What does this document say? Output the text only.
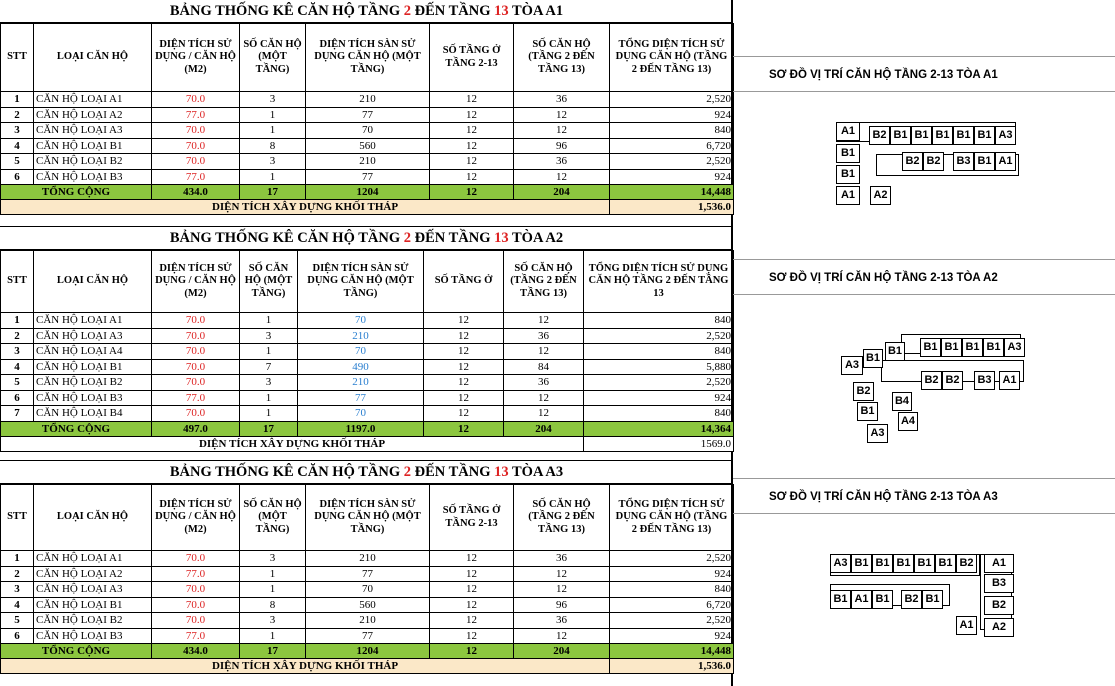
BẢNG THỐNG KÊ CĂN HỘ TẦNG 2 ĐẾN TẦNG 13 TÒA A1
STT	LOẠI CĂN HỘ	DIỆN TÍCH SỬ DỤNG / CĂN HỘ (M2)	SỐ CĂN HỘ (MỘT TẦNG)	DIỆN TÍCH SÀN SỬ DỤNG CĂN HỘ (MỘT TẦNG)	SỐ TẦNG Ở TẦNG 2-13	SỐ CĂN HỘ (TẦNG 2 ĐẾN TẦNG 13)	TỔNG DIỆN TÍCH SỬ DỤNG CĂN HỘ (TẦNG 2 ĐẾN TẦNG 13)
1	CĂN HỘ LOẠI A1	70.0	3	210	12	36	2,520
2	CĂN HỘ LOẠI A2	77.0	1	77	12	12	924
3	CĂN HỘ LOẠI A3	70.0	1	70	12	12	840
4	CĂN HỘ LOẠI B1	70.0	8	560	12	96	6,720
5	CĂN HỘ LOẠI B2	70.0	3	210	12	36	2,520
6	CĂN HỘ LOẠI B3	77.0	1	77	12	12	924
TỔNG CỘNG		434.0	17	1204	12	204	14,448
DIỆN TÍCH XÂY DỰNG KHỐI THÁP							1,536.0
BẢNG THỐNG KÊ CĂN HỘ TẦNG 2 ĐẾN TẦNG 13 TÒA A2
STT	LOẠI CĂN HỘ	DIỆN TÍCH SỬ DỤNG / CĂN HỘ (M2)	SỐ CĂN HỘ (MỘT TẦNG)	DIỆN TÍCH SÀN SỬ DỤNG CĂN HỘ (MỘT TẦNG)	SỐ TẦNG Ở	SỐ CĂN HỘ (TẦNG 2 ĐẾN TẦNG 13)	TỔNG DIỆN TÍCH SỬ DỤNG CĂN HỘ TẦNG 2 ĐẾN TẦNG 13
1	CĂN HỘ LOẠI A1	70.0	1	70	12	12	840
2	CĂN HỘ LOẠI A3	70.0	3	210	12	36	2,520
3	CĂN HỘ LOẠI A4	70.0	1	70	12	12	840
4	CĂN HỘ LOẠI B1	70.0	7	490	12	84	5,880
5	CĂN HỘ LOẠI B2	70.0	3	210	12	36	2,520
6	CĂN HỘ LOẠI B3	77.0	1	77	12	12	924
7	CĂN HỘ LOẠI B4	70.0	1	70	12	12	840
TỔNG CỘNG		497.0	17	1197.0	12	204	14,364
DIỆN TÍCH XÂY DỰNG KHỐI THÁP							1569.0
BẢNG THỐNG KÊ CĂN HỘ TẦNG 2 ĐẾN TẦNG 13 TÒA A3
STT	LOẠI CĂN HỘ	DIỆN TÍCH SỬ DỤNG / CĂN HỘ (M2)	SỐ CĂN HỘ (MỘT TẦNG)	DIỆN TÍCH SÀN SỬ DỤNG CĂN HỘ (MỘT TẦNG)	SỐ TẦNG Ở TẦNG 2-13	SỐ CĂN HỘ (TẦNG 2 ĐẾN TẦNG 13)	TỔNG DIỆN TÍCH SỬ DỤNG CĂN HỘ (TẦNG 2 ĐẾN TẦNG 13)
1	CĂN HỘ LOẠI A1	70.0	3	210	12	36	2,520
2	CĂN HỘ LOẠI A2	77.0	1	77	12	12	924
3	CĂN HỘ LOẠI A3	70.0	1	70	12	12	840
4	CĂN HỘ LOẠI B1	70.0	8	560	12	96	6,720
5	CĂN HỘ LOẠI B2	70.0	3	210	12	36	2,520
6	CĂN HỘ LOẠI B3	77.0	1	77	12	12	924
TỔNG CỘNG		434.0	17	1204	12	204	14,448
DIỆN TÍCH XÂY DỰNG KHỐI THÁP							1,536.0
SƠ ĐỒ VỊ TRÍ CĂN HỘ TẦNG 2-13 TÒA A1
SƠ ĐỒ VỊ TRÍ CĂN HỘ TẦNG 2-13 TÒA A2
SƠ ĐỒ VỊ TRÍ CĂN HỘ TẦNG 2-13 TÒA A3
A1	B2 B1 B1 B1 B1 B1 A3
B1
B2 B2	B3 B1 A1
B1
A1	A2
A3
B1
B1	B1 B1 B1 B1 A3
B2 B2	B3 A1
B2
B4
B1
A4
A3
A3 B1 B1 B1 B1 B1 B2	A1
B1 A1 B1
B3
B2
B2 B1
A2
A1
